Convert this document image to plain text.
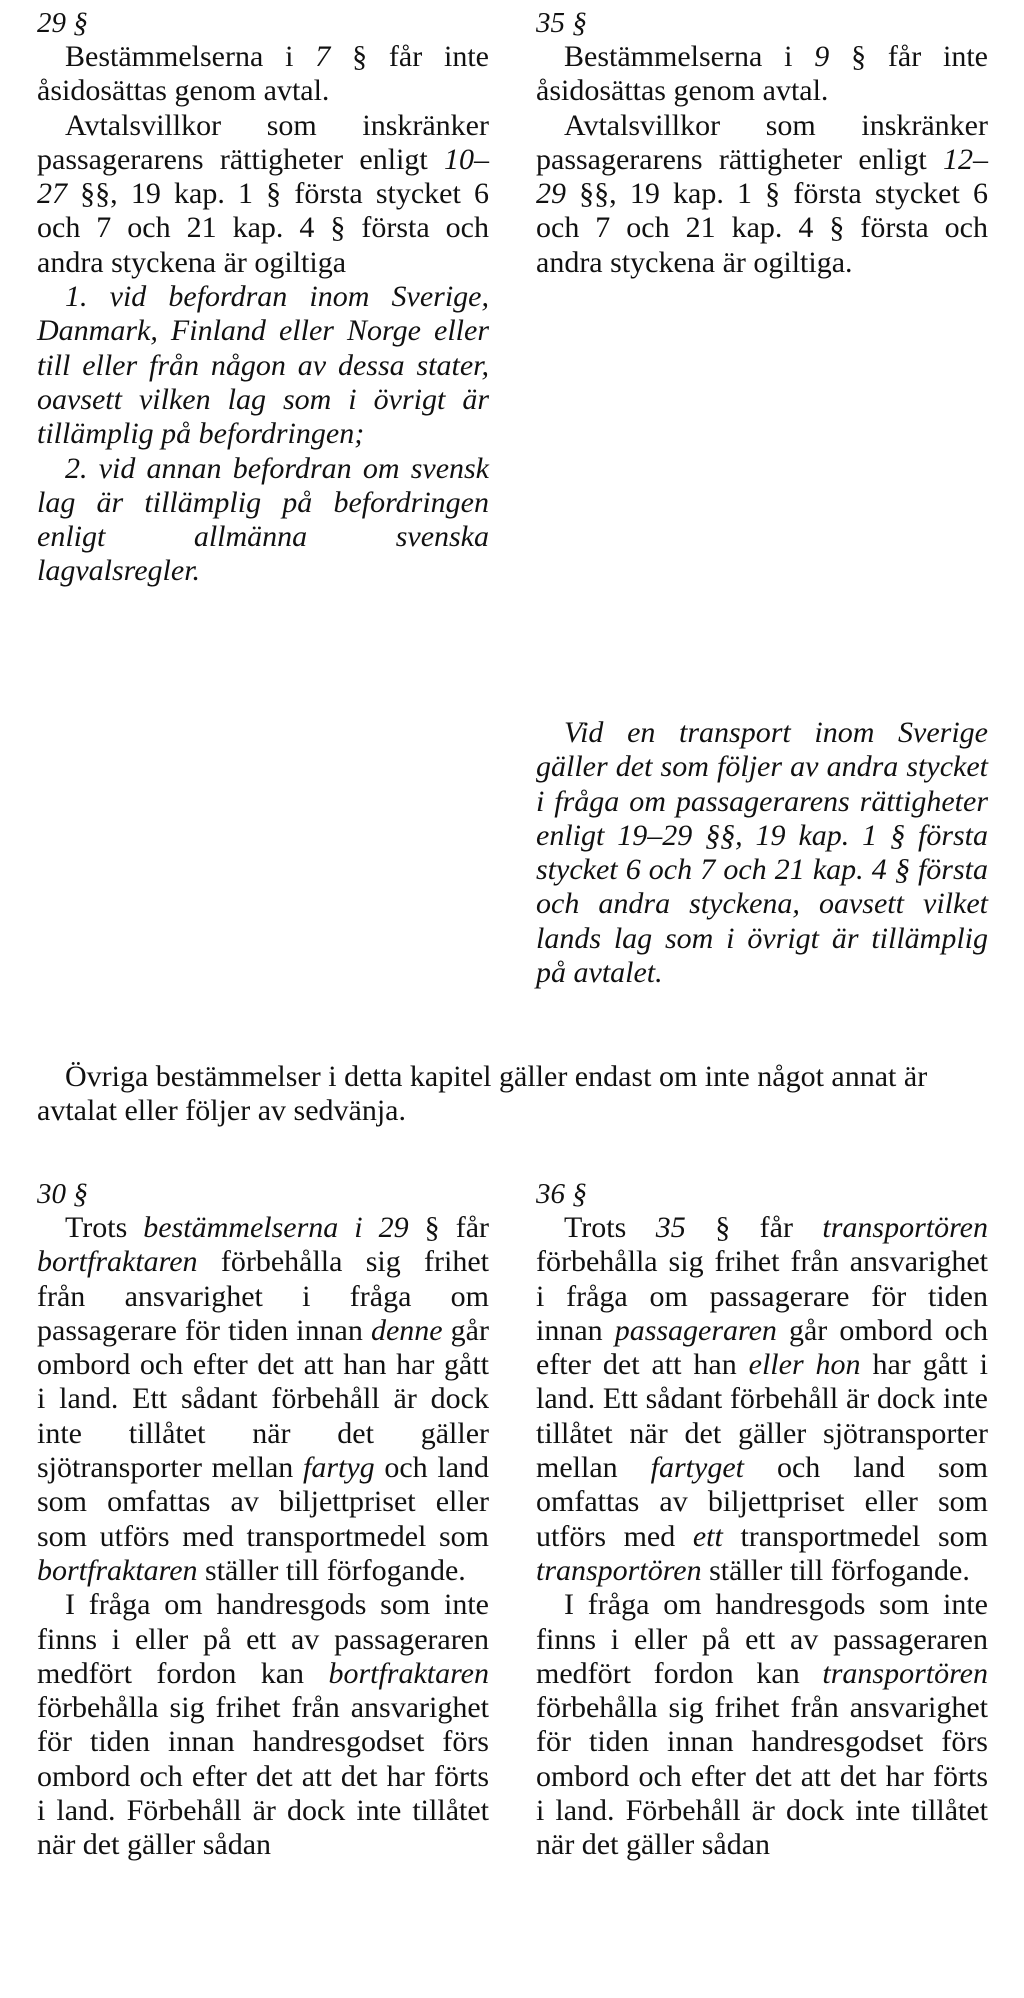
29 §

Bestämmelserna i 7 § får inte åsidosättas genom avtal.

Avtalsvillkor som inskränker passagerarens rättigheter enligt 10–27 §§, 19 kap. 1 § första stycket 6 och 7 och 21 kap. 4 § första och andra styckena är ogiltiga

1. vid befordran inom Sverige, Danmark, Finland eller Norge eller till eller från någon av dessa stater, oavsett vilken lag som i övrigt är tillämplig på befordringen;

2. vid annan befordran om svensk lag är tillämplig på befordringen enligt allmänna svenska lagvalsregler.

35 §

Bestämmelserna i 9 § får inte åsidosättas genom avtal.

Avtalsvillkor som inskränker passagerarens rättigheter enligt 12–29 §§, 19 kap. 1 § första stycket 6 och 7 och 21 kap. 4 § första och andra styckena är ogiltiga.

Vid en transport inom Sverige gäller det som följer av andra stycket i fråga om passagerarens rättigheter enligt 19–29 §§, 19 kap. 1 § första stycket 6 och 7 och 21 kap. 4 § första och andra styckena, oavsett vilket lands lag som i övrigt är tillämplig på avtalet.

Övriga bestämmelser i detta kapitel gäller endast om inte något annat är avtalat eller följer av sedvänja.
30 §

Trots bestämmelserna i 29 § får bortfraktaren förbehålla sig frihet från ansvarighet i fråga om passagerare för tiden innan denne går ombord och efter det att han har gått i land. Ett sådant förbehåll är dock inte tillåtet när det gäller sjötransporter mellan fartyg och land som omfattas av biljettpriset eller som utförs med transportmedel som bortfraktaren ställer till förfogande.

I fråga om handresgods som inte finns i eller på ett av passageraren medfört fordon kan bortfraktaren förbehålla sig frihet från ansvarighet för tiden innan handresgodset förs ombord och efter det att det har förts i land. Förbehåll är dock inte tillåtet när det gäller sådan

36 §

Trots 35 § får transportören förbehålla sig frihet från ansvarighet i fråga om passagerare för tiden innan passageraren går ombord och efter det att han eller hon har gått i land. Ett sådant förbehåll är dock inte tillåtet när det gäller sjötransporter mellan fartyget och land som omfattas av biljettpriset eller som utförs med ett transportmedel som transportören ställer till förfogande.

I fråga om handresgods som inte finns i eller på ett av passageraren medfört fordon kan transportören förbehålla sig frihet från ansvarighet för tiden innan handresgodset förs ombord och efter det att det har förts i land. Förbehåll är dock inte tillåtet när det gäller sådan
